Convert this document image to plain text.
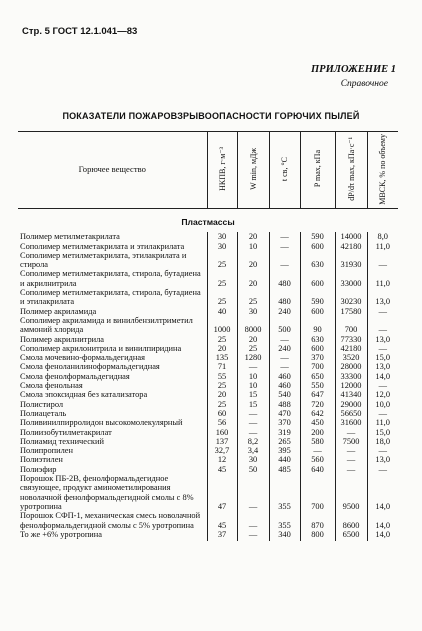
Стр. 5 ГОСТ 12.1.041—83
ПРИЛОЖЕНИЕ 1
Справочное
ПОКАЗАТЕЛИ ПОЖАРОВЗРЫВООПАСНОСТИ ГОРЮЧИХ ПЫЛЕЙ
Горючее вещество	НКПВ, г·м⁻³	W min, мДж	t св, °С	P max, кПа	dP/dτ max, кПа·с⁻¹	МВСК, % по объему
Пластмассы						
Полимер метилметакрилата	30	20	—	590	14000	8,0
Сополимер метилметакрилата и этилакрилата	30	10	—	600	42180	11,0
Сополимер метилметакрилата, этилакрилата и стирола	25	20	—	630	31930	—
Сополимер метилметакрилата, стирола, бутадиена и акрилнитрила	25	20	480	600	33000	11,0
Сополимер метилметакрилата, стирола, бутадиена и этилакрилата	25	25	480	590	30230	13,0
Полимер акриламида	40	30	240	600	17580	—
Сополимер акриламида и винилбензилтриметил аммоний хлорида	1000	8000	500	90	700	—
Полимер акрилнитрила	25	20	—	630	77330	13,0
Сополимер акрилонитрила и винилпиридина	20	25	240	600	42180	—
Смола мочевино-формальдегидная	135	1280	—	370	3520	15,0
Смола феноланилиноформальдегидная	71	—	—	700	28000	13,0
Смола фенолформальдегидная	55	10	460	650	33300	14,0
Смола фенольная	25	10	460	550	12000	—
Смола эпоксидная без катализатора	20	15	540	647	41340	12,0
Полистирол	25	15	488	720	29000	10,0
Полиацеталь	60	—	470	642	56650	—
Поливинилпирролидон высокомолекулярный	56	—	370	450	31600	11,0
Полиизобутилметакрилат	160	—	319	200	—	15,0
Полиамид технический	137	8,2	265	580	7500	18,0
Полипропилен	32,7	3,4	395	—	—	—
Полиэтилен	12	30	440	560	—	13,0
Полиэфир	45	50	485	640	—	—
Порошок ПБ-2В, фенолформальдегидное связующее, продукт аминометилирования новолачной фенолформальдегидной смолы с 8% уротропина	47	—	355	700	9500	14,0
Порошок СФП-1, механическая смесь новолачной фенолформальдегидной смолы с 5% уротропина	45	—	355	870	8600	14,0
То же +6% уротропина	37	—	340	800	6500	14,0
